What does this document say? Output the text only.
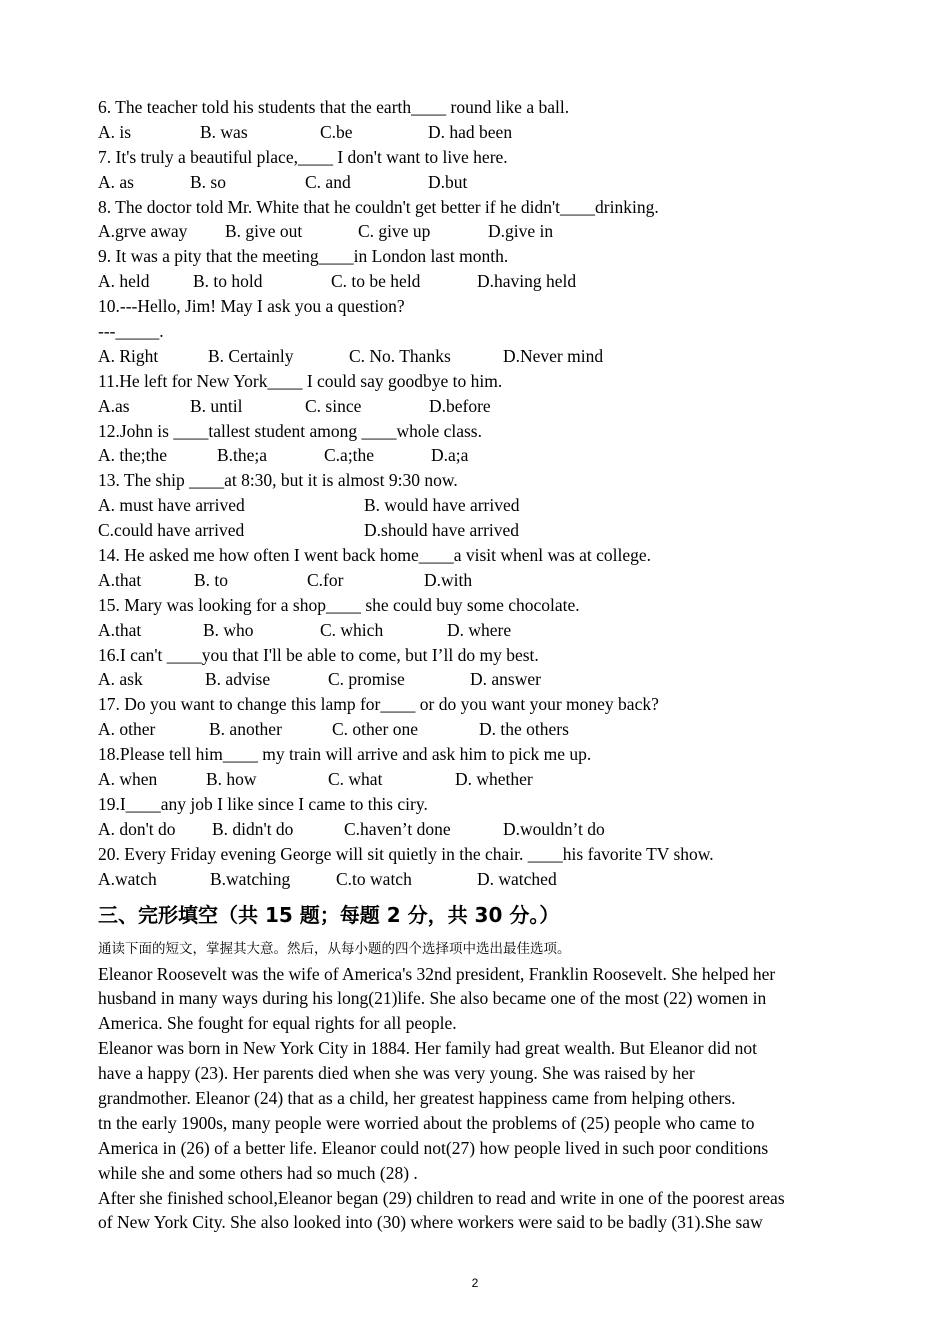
6. The teacher told his students that the earth____ round like a ball.
A. is	B. was	C.be	D. had been
7. It's truly a beautiful place,____ I don't want to live here.
A. as	B. so	C. and	D.but
8. The doctor told Mr. White that he couldn't get better if he didn't____drinking.
A.grve away B. give out	C. give up	D.give in
9. It was a pity that the meeting____in London last month.
A. held B. to hold	C. to be held	D.having held
10.---Hello, Jim! May I ask you a question?
---_____.
A. Right	B. Certainly	C. No. Thanks	D.Never mind
11.He left for New York____ I could say goodbye to him.
A.as	B. until	C. since	D.before
12.John is ____tallest student among ____whole class.
A. the;the	B.the;a	C.a;the	D.a;a
13. The ship ____at 8:30, but it is almost 9:30 now.
A. must have arrived	B. would have arrived
C.could have arrived	D.should have arrived
14. He asked me how often I went back home____a visit whenl was at college.
A.that	B. to	C.for	D.with
15. Mary was looking for a shop____ she could buy some chocolate.
A.that	B. who	C. which	D. where
16.I can't ____you that I'll be able to come, but I’ll do my best.
A. ask	B. advise	C. promise	D. answer
17. Do you want to change this lamp for____ or do you want your money back?
A. other	B. another	C. other one	D. the others
18.Please tell him____ my train will arrive and ask him to pick me up.
A. when	B. how	C. what	D. whether
19.I____any job I like since I came to this ciry.
A. don't do B. didn't do	C.haven’t done	D.wouldn’t do
20. Every Friday evening George will sit quietly in the chair. ____his favorite TV show.
A.watch	B.watching	C.to watch	D. watched
三、完形填空（共 15 题；每题 2 分，共 30 分。）
通读下面的短文，掌握其大意。然后，从每小题的四个选择项中选出最佳选项。
Eleanor Roosevelt was the wife of America's 32nd president, Franklin Roosevelt. She helped her
husband in many ways during his long(21)life. She also became one of the most (22) women in
America. She fought for equal rights for all people.
Eleanor was born in New York City in 1884. Her family had great wealth. But Eleanor did not
have a happy (23). Her parents died when she was very young. She was raised by her
grandmother. Eleanor (24) that as a child, her greatest happiness came from helping others.
tn the early 1900s, many people were worried about the problems of (25) people who came to
America in (26) of a better life. Eleanor could not(27) how people lived in such poor conditions
while she and some others had so much (28) .
After she finished school,Eleanor began (29) children to read and write in one of the poorest areas
of New York City. She also looked into (30) where workers were said to be badly (31).She saw
2
